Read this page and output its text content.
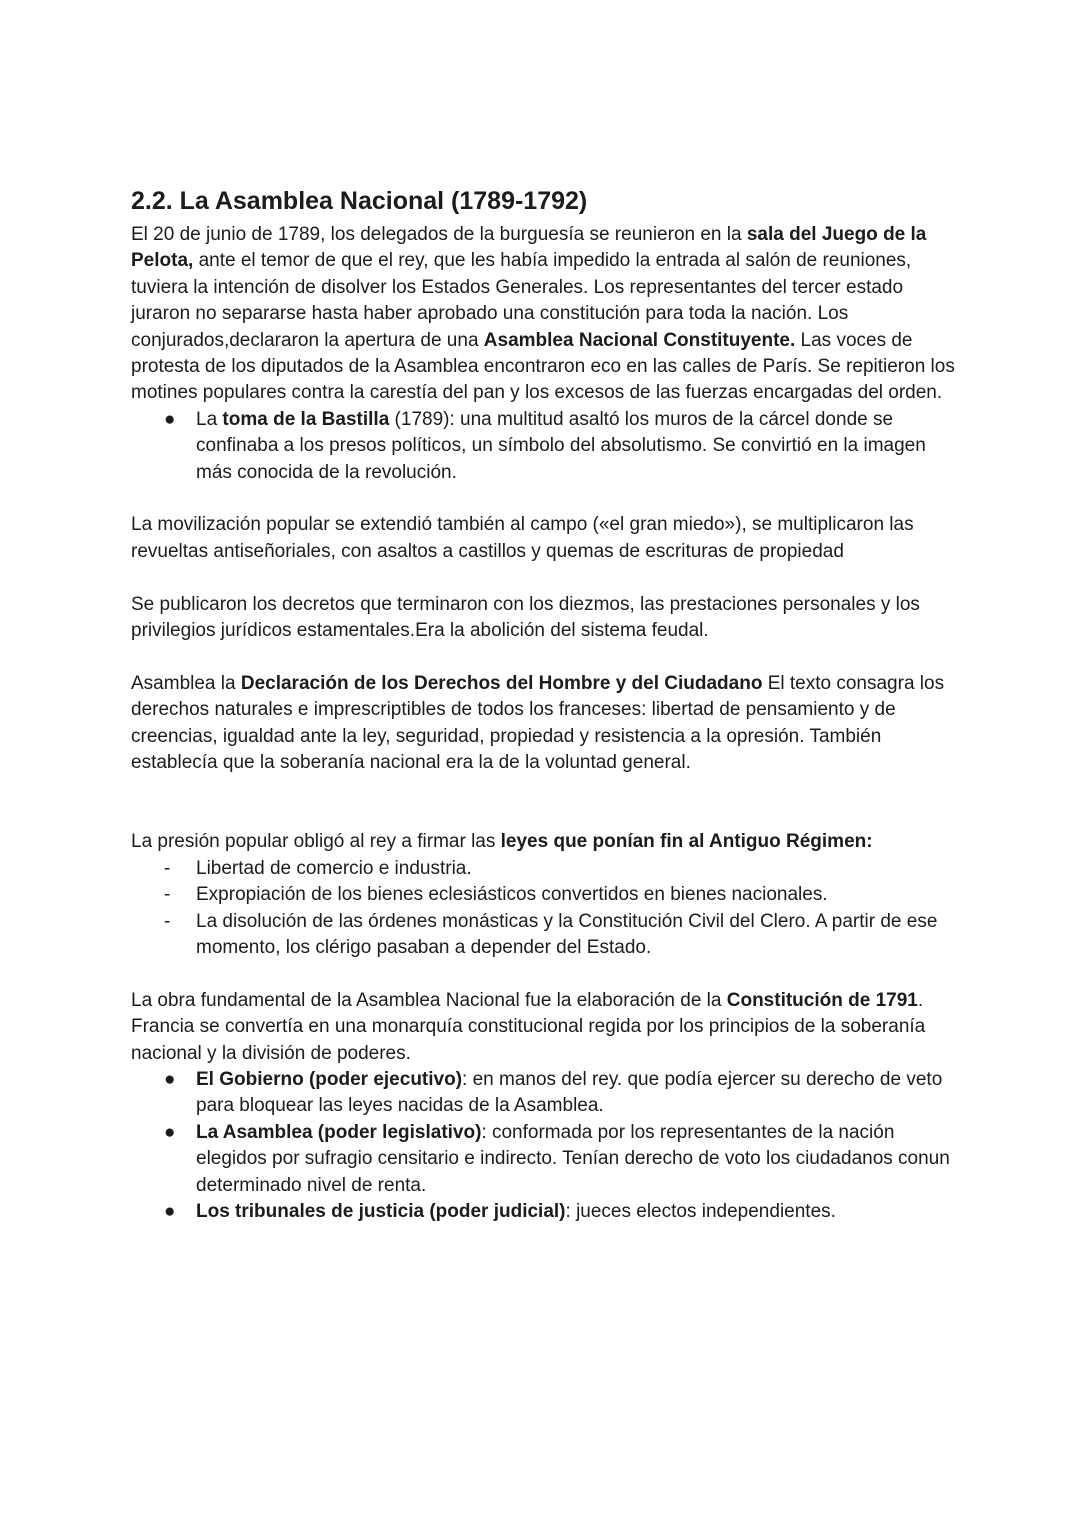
2.2. La Asamblea Nacional (1789-1792)

El 20 de junio de 1789, los delegados de la burguesía se reunieron en la sala del Juego de la Pelota, ante el temor de que el rey, que les había impedido la entrada al salón de reuniones, tuviera la intención de disolver los Estados Generales. Los representantes del tercer estado juraron no separarse hasta haber aprobado una constitución para toda la nación. Los conjurados,declararon la apertura de una Asamblea Nacional Constituyente. Las voces de protesta de los diputados de la Asamblea encontraron eco en las calles de París. Se repitieron los motines populares contra la carestía del pan y los excesos de las fuerzas encargadas del orden.

● La toma de la Bastilla (1789): una multitud asaltó los muros de la cárcel donde se confinaba a los presos políticos, un símbolo del absolutismo. Se convirtió en la imagen más conocida de la revolución.

La movilización popular se extendió también al campo («el gran miedo»), se multiplicaron las revueltas antiseñoriales, con asaltos a castillos y quemas de escrituras de propiedad

Se publicaron los decretos que terminaron con los diezmos, las prestaciones personales y los privilegios jurídicos estamentales.Era la abolición del sistema feudal.

Asamblea la Declaración de los Derechos del Hombre y del Ciudadano El texto consagra los derechos naturales e imprescriptibles de todos los franceses: libertad de pensamiento y de creencias, igualdad ante la ley, seguridad, propiedad y resistencia a la opresión. También establecía que la soberanía nacional era la de la voluntad general.

La presión popular obligó al rey a firmar las leyes que ponían fin al Antiguo Régimen:

- Libertad de comercio e industria.
- Expropiación de los bienes eclesiásticos convertidos en bienes nacionales.
- La disolución de las órdenes monásticas y la Constitución Civil del Clero. A partir de ese momento, los clérigo pasaban a depender del Estado.

La obra fundamental de la Asamblea Nacional fue la elaboración de la Constitución de 1791. Francia se convertía en una monarquía constitucional regida por los principios de la soberanía nacional y la división de poderes.

● El Gobierno (poder ejecutivo): en manos del rey. que podía ejercer su derecho de veto para bloquear las leyes nacidas de la Asamblea.
● La Asamblea (poder legislativo): conformada por los representantes de la nación elegidos por sufragio censitario e indirecto. Tenían derecho de voto los ciudadanos conun determinado nivel de renta.
● Los tribunales de justicia (poder judicial): jueces electos independientes.
